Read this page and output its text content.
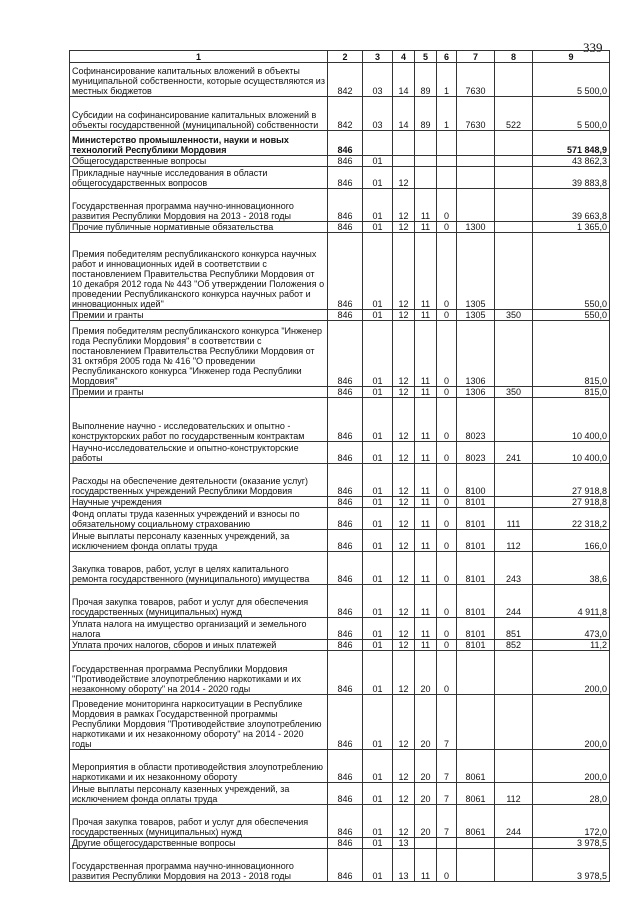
339
1	2	3	4	5	6	7	8	9
Софинансирование капитальных вложений в объекты муниципальной собственности, которые осуществляются из местных бюджетов	842	03	14	89	1	7630		5 500,0
Субсидии на софинансирование капитальных вложений в объекты государственной (муниципальной) собственности	842	03	14	89	1	7630	522	5 500,0
Министерство промышленности, науки и новых технологий Республики Мордовия	846							571 848,9
Общегосударственные вопросы	846	01						43 862,3
Прикладные научные исследования в области общегосударственных вопросов	846	01	12					39 883,8
Государственная программа научно-инновационного развития Республики Мордовия на 2013 - 2018 годы	846	01	12	11	0			39 663,8
Прочие публичные нормативные обязательства	846	01	12	11	0	1300		1 365,0
Премия победителям республиканского конкурса научных работ и инновационных идей в соответствии с постановлением Правительства Республики Мордовия от 10 декабря 2012 года № 443 "Об утверждении Положения о проведении Республиканского конкурса научных работ и инновационных идей"	846	01	12	11	0	1305		550,0
Премии и гранты	846	01	12	11	0	1305	350	550,0
Премия победителям республиканского конкурса "Инженер года Республики Мордовия" в соответствии с постановлением Правительства Республики Мордовия от 31 октября 2005 года № 416 "О проведении Республиканского конкурса "Инженер года Республики Мордовия"	846	01	12	11	0	1306		815,0
Премии и гранты	846	01	12	11	0	1306	350	815,0
Выполнение научно - исследовательских и опытно - конструкторских работ по государственным контрактам	846	01	12	11	0	8023		10 400,0
Научно-исследовательские и опытно-конструкторские работы	846	01	12	11	0	8023	241	10 400,0
Расходы на обеспечение деятельности (оказание услуг) государственных учреждений Республики Мордовия	846	01	12	11	0	8100		27 918,8
Научные учреждения	846	01	12	11	0	8101		27 918,8
Фонд оплаты труда казенных учреждений и взносы по обязательному социальному страхованию	846	01	12	11	0	8101	111	22 318,2
Иные выплаты персоналу казенных учреждений, за исключением фонда оплаты труда	846	01	12	11	0	8101	112	166,0
Закупка товаров, работ, услуг в целях капитального ремонта государственного (муниципального) имущества	846	01	12	11	0	8101	243	38,6
Прочая закупка товаров, работ и услуг для обеспечения государственных (муниципальных) нужд	846	01	12	11	0	8101	244	4 911,8
Уплата налога на имущество организаций и земельного налога	846	01	12	11	0	8101	851	473,0
Уплата прочих налогов, сборов и иных платежей	846	01	12	11	0	8101	852	11,2
Государственная программа Республики Мордовия "Противодействие злоупотреблению наркотиками и их незаконному обороту" на 2014 - 2020 годы	846	01	12	20	0			200,0
Проведение мониторинга наркоситуации в Республике Мордовия в рамках Государственной программы Республики Мордовия "Противодействие злоупотреблению наркотиками и их незаконному обороту" на 2014 - 2020 годы	846	01	12	20	7			200,0
Мероприятия в области противодействия злоупотреблению наркотиками и их незаконному обороту	846	01	12	20	7	8061		200,0
Иные выплаты персоналу казенных учреждений, за исключением фонда оплаты труда	846	01	12	20	7	8061	112	28,0
Прочая закупка товаров, работ и услуг для обеспечения государственных (муниципальных) нужд	846	01	12	20	7	8061	244	172,0
Другие общегосударственные вопросы	846	01	13					3 978,5
Государственная программа научно-инновационного развития Республики Мордовия на 2013 - 2018 годы	846	01	13	11	0			3 978,5
